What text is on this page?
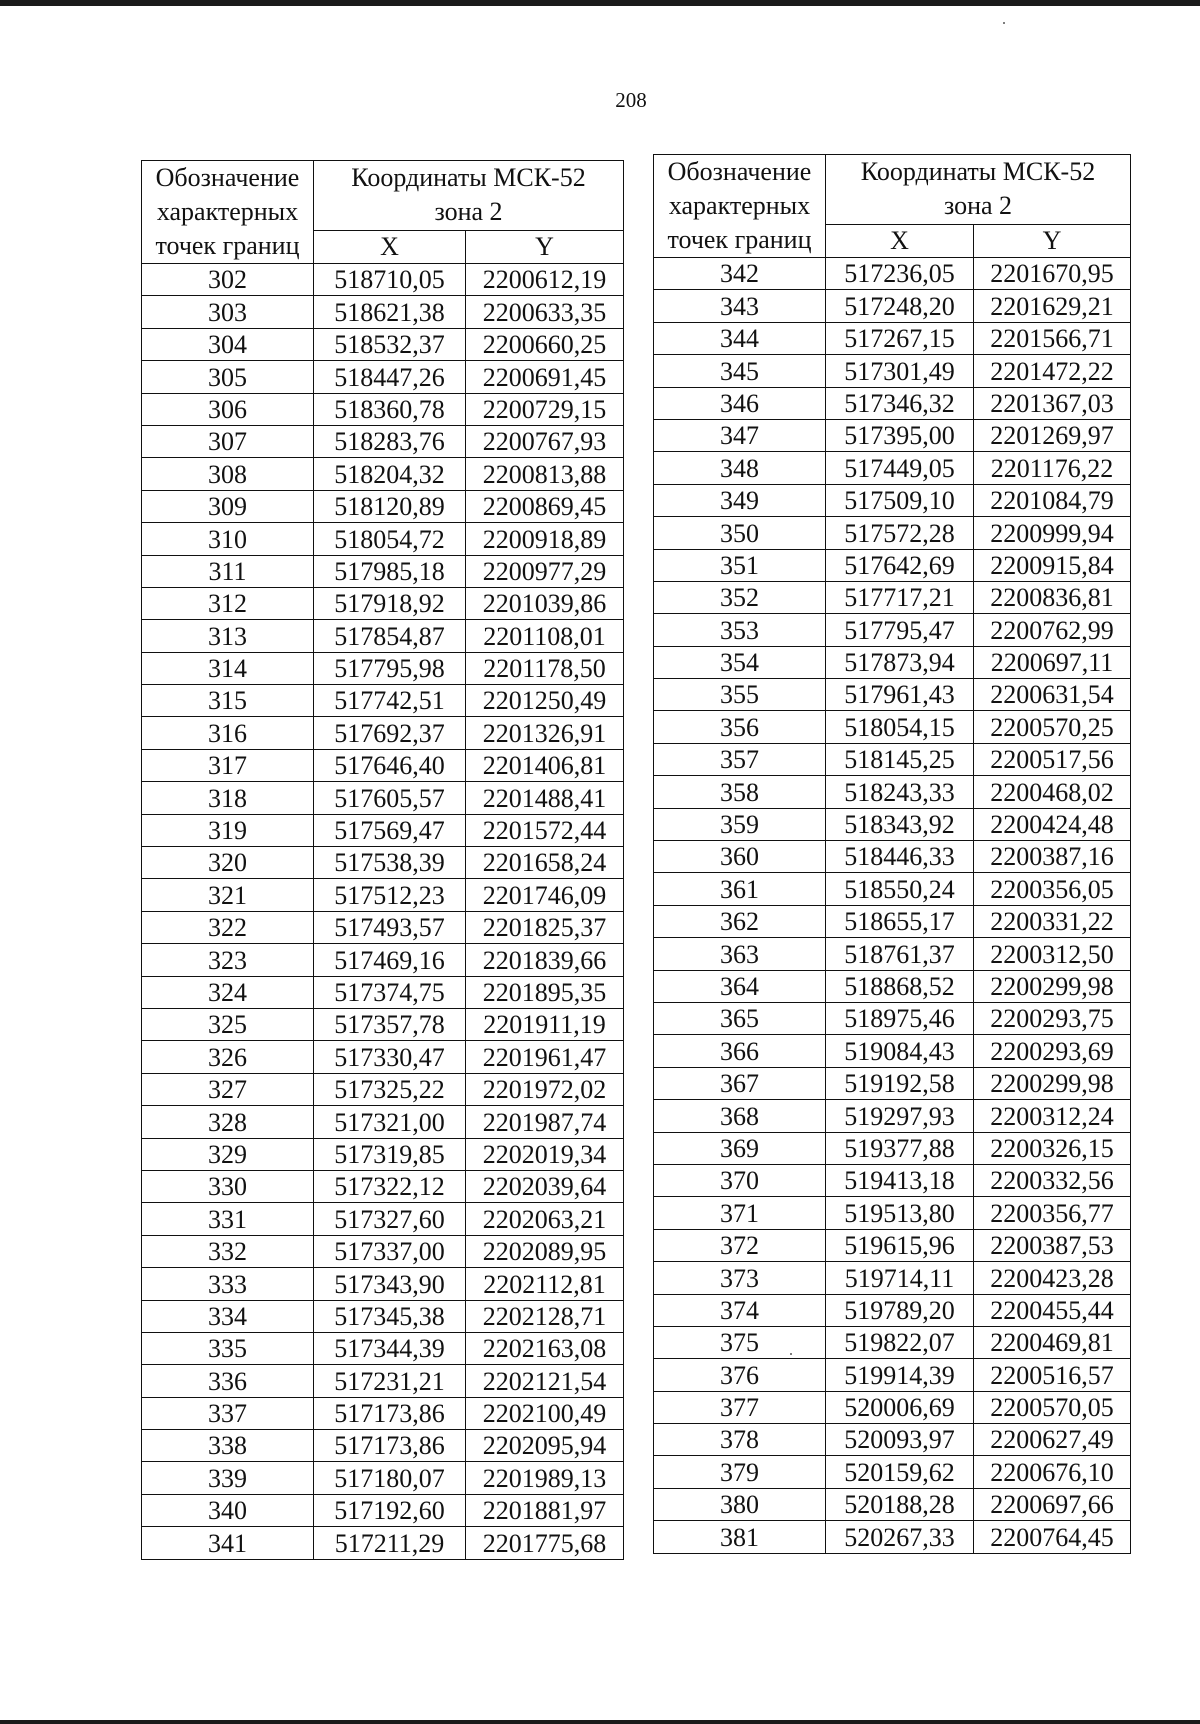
208
Обозначение
характерных
точек границ	Координаты МСК-52
зона 2	
	X	Y
302	518710,05	2200612,19
303	518621,38	2200633,35
304	518532,37	2200660,25
305	518447,26	2200691,45
306	518360,78	2200729,15
307	518283,76	2200767,93
308	518204,32	2200813,88
309	518120,89	2200869,45
310	518054,72	2200918,89
311	517985,18	2200977,29
312	517918,92	2201039,86
313	517854,87	2201108,01
314	517795,98	2201178,50
315	517742,51	2201250,49
316	517692,37	2201326,91
317	517646,40	2201406,81
318	517605,57	2201488,41
319	517569,47	2201572,44
320	517538,39	2201658,24
321	517512,23	2201746,09
322	517493,57	2201825,37
323	517469,16	2201839,66
324	517374,75	2201895,35
325	517357,78	2201911,19
326	517330,47	2201961,47
327	517325,22	2201972,02
328	517321,00	2201987,74
329	517319,85	2202019,34
330	517322,12	2202039,64
331	517327,60	2202063,21
332	517337,00	2202089,95
333	517343,90	2202112,81
334	517345,38	2202128,71
335	517344,39	2202163,08
336	517231,21	2202121,54
337	517173,86	2202100,49
338	517173,86	2202095,94
339	517180,07	2201989,13
340	517192,60	2201881,97
341	517211,29	2201775,68
Обозначение
характерных
точек границ	Координаты МСК-52
зона 2	
	X	Y
342	517236,05	2201670,95
343	517248,20	2201629,21
344	517267,15	2201566,71
345	517301,49	2201472,22
346	517346,32	2201367,03
347	517395,00	2201269,97
348	517449,05	2201176,22
349	517509,10	2201084,79
350	517572,28	2200999,94
351	517642,69	2200915,84
352	517717,21	2200836,81
353	517795,47	2200762,99
354	517873,94	2200697,11
355	517961,43	2200631,54
356	518054,15	2200570,25
357	518145,25	2200517,56
358	518243,33	2200468,02
359	518343,92	2200424,48
360	518446,33	2200387,16
361	518550,24	2200356,05
362	518655,17	2200331,22
363	518761,37	2200312,50
364	518868,52	2200299,98
365	518975,46	2200293,75
366	519084,43	2200293,69
367	519192,58	2200299,98
368	519297,93	2200312,24
369	519377,88	2200326,15
370	519413,18	2200332,56
371	519513,80	2200356,77
372	519615,96	2200387,53
373	519714,11	2200423,28
374	519789,20	2200455,44
375	519822,07	2200469,81
376	519914,39	2200516,57
377	520006,69	2200570,05
378	520093,97	2200627,49
379	520159,62	2200676,10
380	520188,28	2200697,66
381	520267,33	2200764,45
